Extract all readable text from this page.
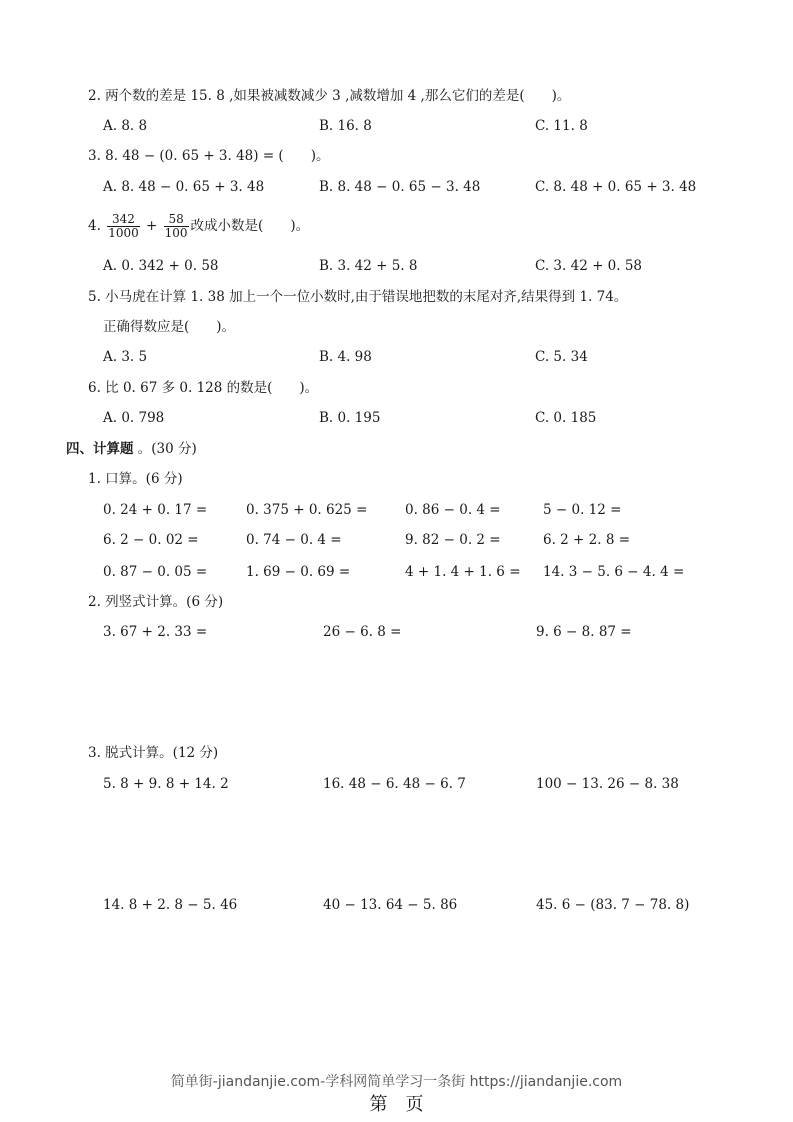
2. 两个数的差是 15. 8 ,如果被减数减少 3 ,减数增加 4 ,那么它们的差是(　　)。
A. 8. 8	B. 16. 8	C. 11. 8
3. 8. 48 − (0. 65 + 3. 48) = (　　)。
A. 8. 48 − 0. 65 + 3. 48	B. 8. 48 − 0. 65 − 3. 48	C. 8. 48 + 0. 65 + 3. 48
4. $\frac{342}{1000} + \frac{58}{100}$ 改成小数是(　　)。
A. 0. 342 + 0. 58	B. 3. 42 + 5. 8	C. 3. 42 + 0. 58
5. 小马虎在计算 1. 38 加上一个一位小数时,由于错误地把数的末尾对齐,结果得到 1. 74。
正确得数应是(　　)。
A. 3. 5	B. 4. 98	C. 5. 34
6. 比 0. 67 多 0. 128 的数是(　　)。
A. 0. 798	B. 0. 195	C. 0. 185
四、计算题 。(30 分)
1. 口算。(6 分)
0. 24 + 0. 17 =	0. 375 + 0. 625 =	0. 86 − 0. 4 =	5 − 0. 12 =
6. 2 − 0. 02 =	0. 74 − 0. 4 =	9. 82 − 0. 2 =	6. 2 + 2. 8 =
0. 87 − 0. 05 =	1. 69 − 0. 69 =	4 + 1. 4 + 1. 6 = 14. 3 − 5. 6 − 4. 4 =
2. 列竖式计算。(6 分)
3. 67 + 2. 33 =	26 − 6. 8 =	9. 6 − 8. 87 =
3. 脱式计算。(12 分)
5. 8 + 9. 8 + 14. 2	16. 48 − 6. 48 − 6. 7	100 − 13. 26 − 8. 38
14. 8 + 2. 8 − 5. 46	40 − 13. 64 − 5. 86	45. 6 − (83. 7 − 78. 8)
简单街-jiandanjie.com-学科网简单学习一条街 https://jiandanjie.com
第　页
